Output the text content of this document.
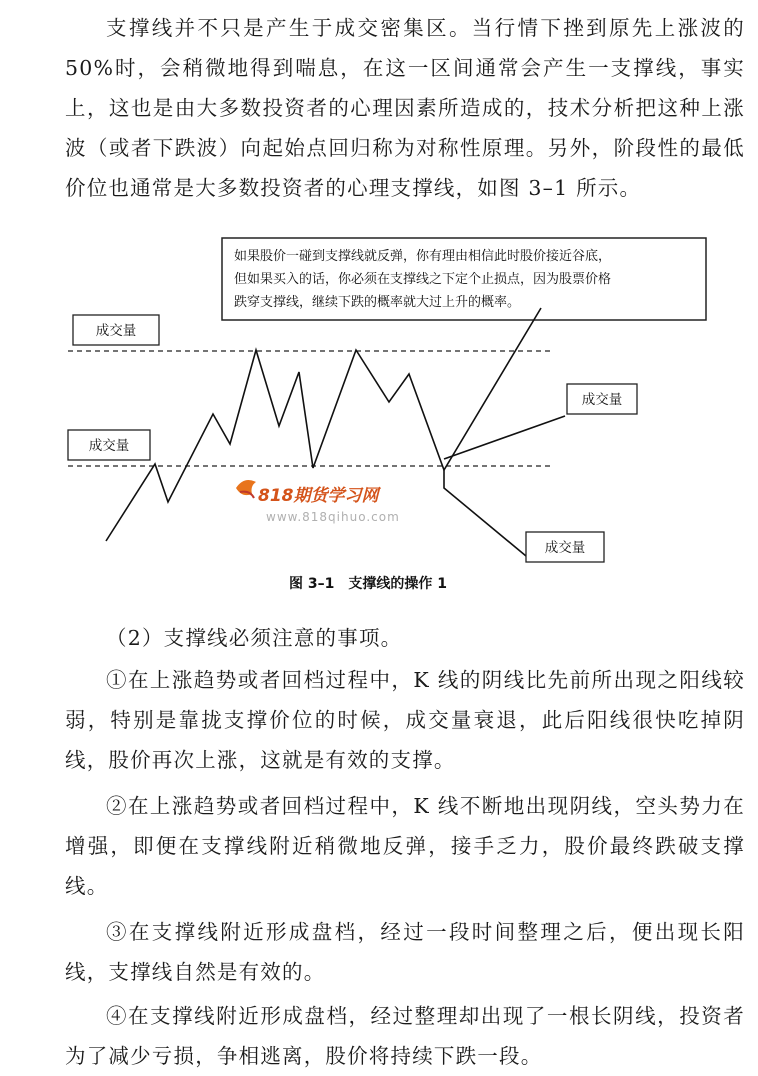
支撑线并不只是产生于成交密集区。当行情下挫到原先上涨波的50%时，会稍微地得到喘息，在这一区间通常会产生一支撑线，事实上，这也是由大多数投资者的心理因素所造成的，技术分析把这种上涨波（或者下跌波）向起始点回归称为对称性原理。另外，阶段性的最低价位也通常是大多数投资者的心理支撑线，如图 3–1 所示。

如果股价一碰到支撑线就反弹，你有理由相信此时股价接近谷底，
但如果买入的话，你必须在支撑线之下定个止损点，因为股票价格
跌穿支撑线，继续下跌的概率就大过上升的概率。
成交量
成交量
成交量
成交量
818期货学习网
www.818qihuo.com
图 3–1　支撑线的操作 1

（2）支撑线必须注意的事项。

①在上涨趋势或者回档过程中，K 线的阴线比先前所出现之阳线较弱，特别是靠拢支撑价位的时候，成交量衰退，此后阳线很快吃掉阴线，股价再次上涨，这就是有效的支撑。

②在上涨趋势或者回档过程中，K 线不断地出现阴线，空头势力在增强，即便在支撑线附近稍微地反弹，接手乏力，股价最终跌破支撑线。

③在支撑线附近形成盘档，经过一段时间整理之后，便出现长阳线，支撑线自然是有效的。

④在支撑线附近形成盘档，经过整理却出现了一根长阴线，投资者为了减少亏损，争相逃离，股价将持续下跌一段。
